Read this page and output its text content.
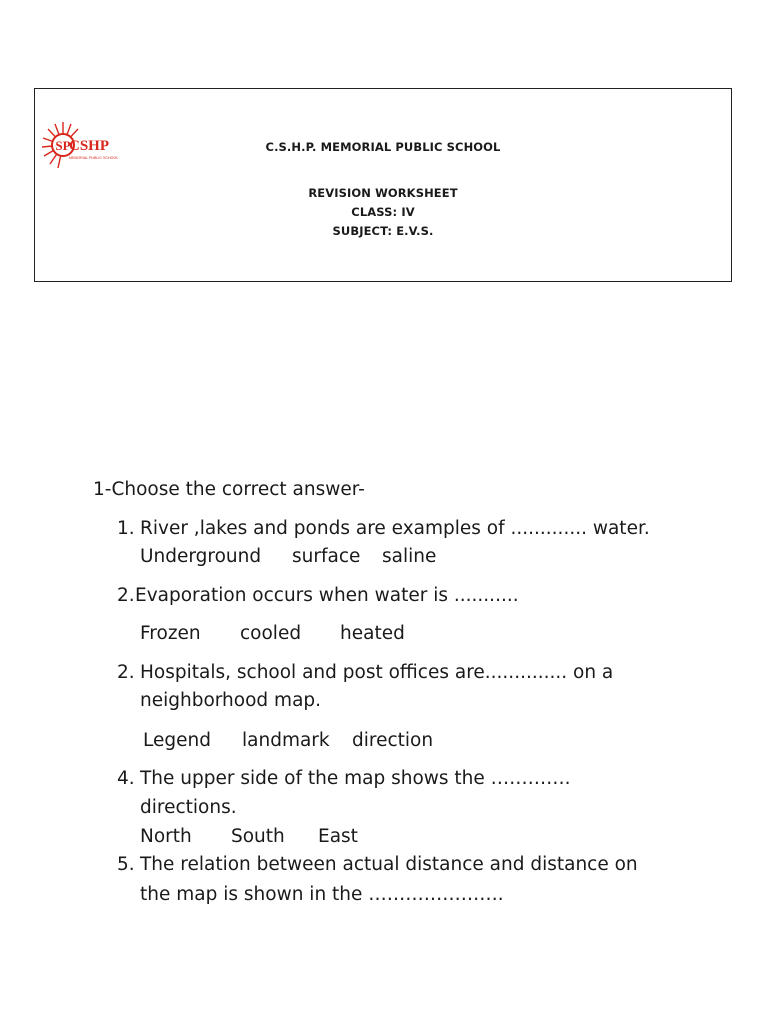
SP
CSHP
MEMORIAL PUBLIC SCHOOL
C.S.H.P. MEMORIAL PUBLIC SCHOOL
REVISION WORKSHEET
CLASS: IV
SUBJECT: E.V.S.
1-Choose the correct answer-
1. River ,lakes and ponds are examples of ............. water.
Underground surface saline
2. Evaporation occurs when water is ...........
Frozen cooled heated
2. Hospitals, school and post offices are.............. on a
neighborhood map.
Legend landmark direction
4. The upper side of the map shows the ………….
directions.
North South East
5. The relation between actual distance and distance on
the map is shown in the ………………….
